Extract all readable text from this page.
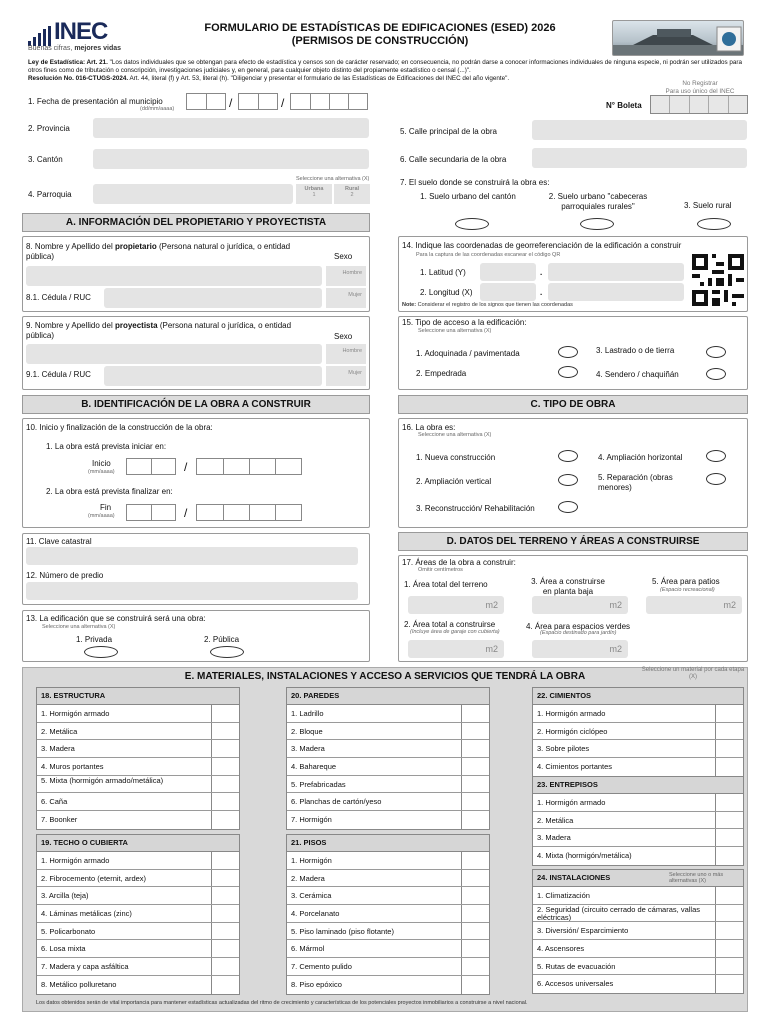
INEC
Buenas cifras, mejores vidas
FORMULARIO DE ESTADÍSTICAS DE EDIFICACIONES (ESED) 2026
(PERMISOS DE CONSTRUCCIÓN)
Ley de Estadística: Art. 21. "Los datos individuales que se obtengan para efecto de estadística y censos son de carácter reservado; en consecuencia, no podrán darse a conocer informaciones individuales de ninguna especie, ni podrán ser utilizados para otros fines como de tributación o conscripción, investigaciones judiciales y, en general, para cualquier objeto distinto del propiamente estadístico o censal (...)".
Resolución No. 016-CTUGS-2024. Art. 44, literal (f) y Art. 53, literal (h). "Diligenciar y presentar el formulario de las Estadísticas de Edificaciones del INEC del año vigente".
No Registrar
Para uso único del INEC
N° Boleta
1. Fecha de presentación al municipio
(dd/mm/aaaa)	/	/
2. Provincia
3. Cantón
Seleccione una alternativa (X)
4. Parroquia
Urbana
1
Rural
2
5. Calle principal de la obra
6. Calle secundaria de la obra
7. El suelo donde se construirá la obra es:
1. Suelo urbano del cantón	2. Suelo urbano "cabeceras parroquiales rurales"	3. Suelo rural
A. INFORMACIÓN DEL PROPIETARIO Y PROYECTISTA
8. Nombre y Apellido del propietario (Persona natural o jurídica, o entidad pública)	Sexo
Hombre
8.1. Cédula / RUC	Mujer
9. Nombre y Apellido del proyectista (Persona natural o jurídica, o entidad pública)	Sexo
Hombre
9.1. Cédula / RUC	Mujer
14. Indique las coordenadas de georreferenciación de la edificación a construir
Para la captura de las coordenadas escanear el código QR
1. Latitud (Y)	.
2. Longitud (X)	.
Note: Considerar el registro de los signos que tienen las coordenadas
15. Tipo de acceso a la edificación:
Seleccione una alternativa (X)
1. Adoquinada / pavimentada
2. Empedrada
3. Lastrado o de tierra
4. Sendero / chaquiñán
B. IDENTIFICACIÓN DE LA OBRA A CONSTRUIR
10. Inicio y finalización de la construcción de la obra:
1. La obra está prevista iniciar en:
Inicio
(mm/aaaa)	/
2. La obra está prevista finalizar en:
Fin
(mm/aaaa)	/
11. Clave catastral
12. Número de predio
13. La edificación que se construirá será una obra:
Seleccione una alternativa (X)
1. Privada	2. Pública
C. TIPO DE OBRA
16. La obra es:
Seleccione una alternativa (X)
1. Nueva construcción
2. Ampliación vertical
3. Reconstrucción/ Rehabilitación
4. Ampliación horizontal
5. Reparación (obras menores)
D. DATOS DEL TERRENO Y ÁREAS A CONSTRUIRSE
17. Áreas de la obra a construir:
Omitir centímetros
1. Área total del terreno
m2
3. Área a construirse en planta baja
m2
5. Área para patios
(Espacio recreacional)
m2
2. Área total a construirse
(Incluye área de garaje con cubierta)
m2
4. Área para espacios verdes
(Espacio destinado para jardín)
m2
E. MATERIALES, INSTALACIONES Y ACCESO A SERVICIOS QUE TENDRÁ LA OBRA
Seleccione un material por cada etapa (X)
18. ESTRUCTURA
1. Hormigón armado
2. Metálica
3. Madera
4. Muros portantes
5. Mixta (hormigón armado/metálica)
6. Caña
7. Boonker
19. TECHO O CUBIERTA
1. Hormigón armado
2. Fibrocemento (eternit, ardex)
3. Arcilla (teja)
4. Láminas metálicas (zinc)
5. Policarbonato
6. Losa mixta
7. Madera y capa asfáltica
8. Metálico polluretano
20. PAREDES
1. Ladrillo
2. Bloque
3. Madera
4. Bahareque
5. Prefabricadas
6. Planchas de cartón/yeso
7. Hormigón
21. PISOS
1. Hormigón
2. Madera
3. Cerámica
4. Porcelanato
5. Piso laminado (piso flotante)
6. Mármol
7. Cemento pulido
8. Piso epóxico
22. CIMIENTOS
1. Hormigón armado
2. Hormigón ciclópeo
3. Sobre pilotes
4. Cimientos portantes
23. ENTREPISOS
1. Hormigón armado
2. Metálica
3. Madera
4. Mixta (hormigón/metálica)
24. INSTALACIONES	Seleccione uno o más alternativas (X)
1. Climatización
2. Seguridad (circuito cerrado de cámaras, vallas eléctricas)
3. Diversión/ Esparcimiento
4. Ascensores
5. Rutas de evacuación
6. Accesos universales
Los datos obtenidos serán de vital importancia para mantener estadísticas actualizadas del ritmo de crecimiento y características de los potenciales proyectos inmobiliarios a construirse a nivel nacional.
